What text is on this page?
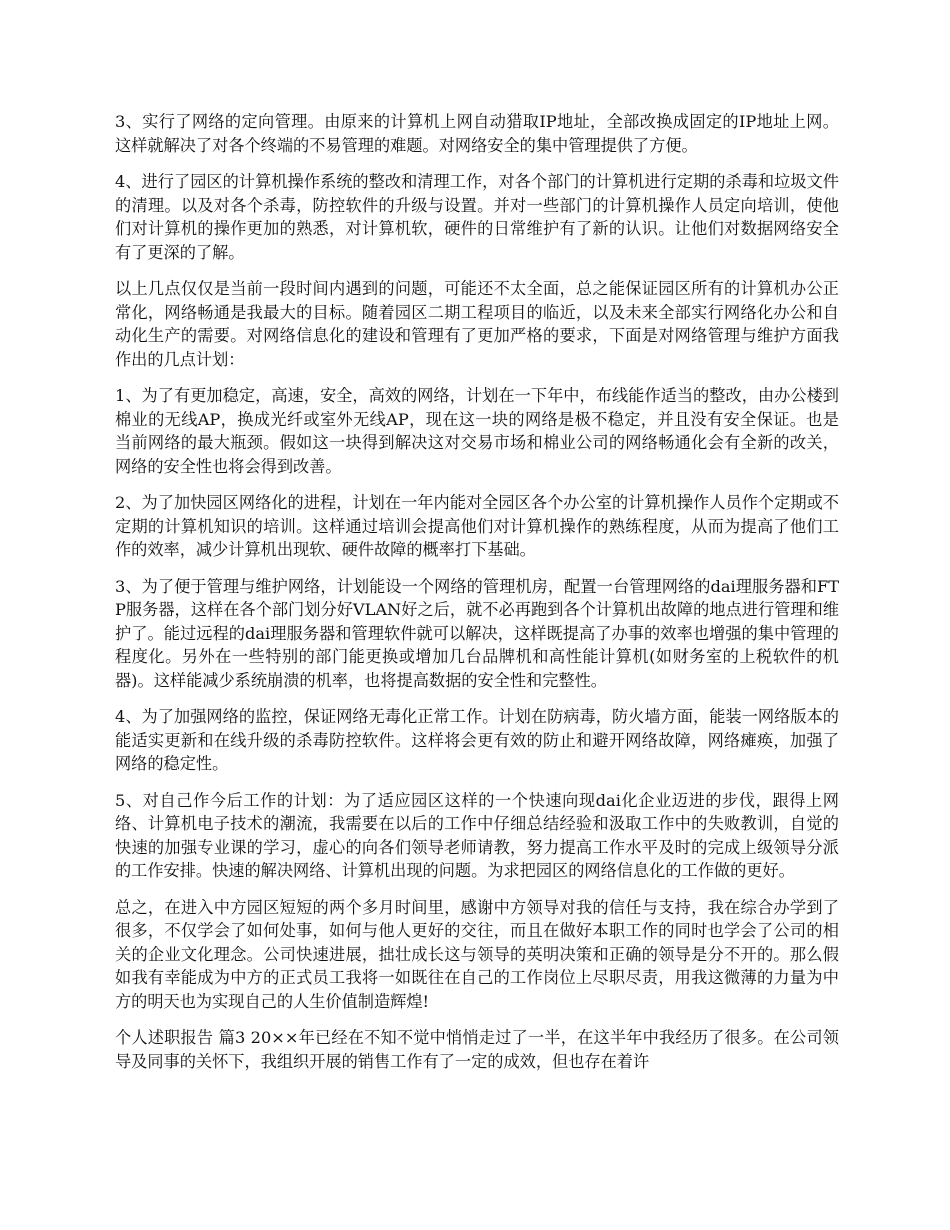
3、实行了网络的定向管理。由原来的计算机上网自动猎取IP地址，全部改换成固定的IP地址上网。这样就解决了对各个终端的不易管理的难题。对网络安全的集中管理提供了方便。

4、进行了园区的计算机操作系统的整改和清理工作，对各个部门的计算机进行定期的杀毒和垃圾文件的清理。以及对各个杀毒，防控软件的升级与设置。并对一些部门的计算机操作人员定向培训，使他们对计算机的操作更加的熟悉，对计算机软，硬件的日常维护有了新的认识。让他们对数据网络安全有了更深的了解。

以上几点仅仅是当前一段时间内遇到的问题，可能还不太全面，总之能保证园区所有的计算机办公正常化，网络畅通是我最大的目标。随着园区二期工程项目的临近，以及未来全部实行网络化办公和自动化生产的需要。对网络信息化的建设和管理有了更加严格的要求，下面是对网络管理与维护方面我作出的几点计划：

1、为了有更加稳定，高速，安全，高效的网络，计划在一下年中，布线能作适当的整改，由办公楼到棉业的无线AP，换成光纤或室外无线AP，现在这一块的网络是极不稳定，并且没有安全保证。也是当前网络的最大瓶颈。假如这一块得到解决这对交易市场和棉业公司的网络畅通化会有全新的改关，网络的安全性也将会得到改善。

2、为了加快园区网络化的进程，计划在一年内能对全园区各个办公室的计算机操作人员作个定期或不定期的计算机知识的培训。这样通过培训会提高他们对计算机操作的熟练程度，从而为提高了他们工作的效率，减少计算机出现软、硬件故障的概率打下基础。

3、为了便于管理与维护网络，计划能设一个网络的管理机房，配置一台管理网络的dai理服务器和FTP服务器，这样在各个部门划分好VLAN好之后，就不必再跑到各个计算机出故障的地点进行管理和维护了。能过远程的dai理服务器和管理软件就可以解决，这样既提高了办事的效率也增强的集中管理的程度化。另外在一些特别的部门能更换或增加几台品牌机和高性能计算机(如财务室的上税软件的机器)。这样能减少系统崩溃的机率，也将提高数据的安全性和完整性。

4、为了加强网络的监控，保证网络无毒化正常工作。计划在防病毒，防火墙方面，能装一网络版本的能适实更新和在线升级的杀毒防控软件。这样将会更有效的防止和避开网络故障，网络瘫痪，加强了网络的稳定性。

5、对自己作今后工作的计划：为了适应园区这样的一个快速向现dai化企业迈进的步伐，跟得上网络、计算机电子技术的潮流，我需要在以后的工作中仔细总结经验和汲取工作中的失败教训，自觉的快速的加强专业课的学习，虚心的向各们领导老师请教，努力提高工作水平及时的完成上级领导分派的工作安排。快速的解决网络、计算机出现的问题。为求把园区的网络信息化的工作做的更好。

总之，在进入中方园区短短的两个多月时间里，感谢中方领导对我的信任与支持，我在综合办学到了很多，不仅学会了如何处事，如何与他人更好的交往，而且在做好本职工作的同时也学会了公司的相关的企业文化理念。公司快速进展，拙壮成长这与领导的英明决策和正确的领导是分不开的。那么假如我有幸能成为中方的正式员工我将一如既往在自己的工作岗位上尽职尽责，用我这微薄的力量为中方的明天也为实现自己的人生价值制造辉煌!

个人述职报告 篇3 20××年已经在不知不觉中悄悄走过了一半，在这半年中我经历了很多。在公司领导及同事的关怀下，我组织开展的销售工作有了一定的成效，但也存在着许
